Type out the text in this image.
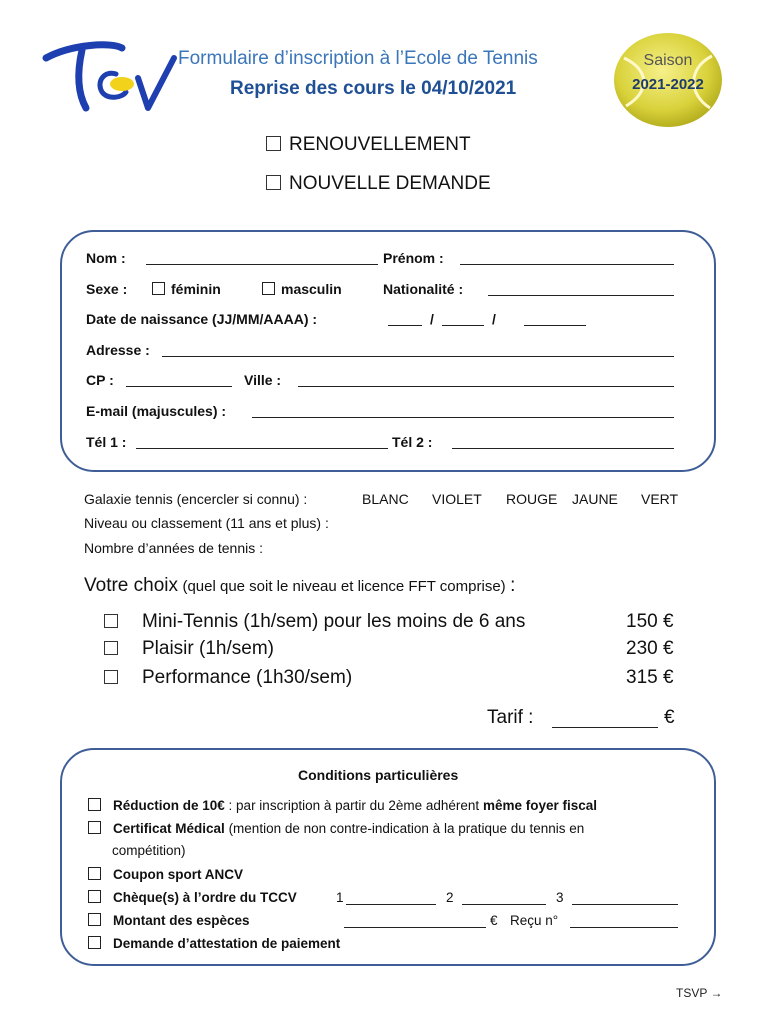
Formulaire d’inscription à l’Ecole de Tennis
Reprise des cours le 04/10/2021
Saison
2021-2022
RENOUVELLEMENT
NOUVELLE DEMANDE
Nom :	Prénom :
Sexe :	féminin	masculin	Nationalité :
Date de naissance (JJ/MM/AAAA) :	/	/
Adresse :
CP :	Ville :
E-mail (majuscules) :
Tél 1 :	Tél 2 :
Galaxie tennis (encercler si connu) :	BLANC VIOLET ROUGE JAUNE VERT
Niveau ou classement (11 ans et plus) :
Nombre d’années de tennis :
Votre choix (quel que soit le niveau et licence FFT comprise) :
Mini-Tennis (1h/sem) pour les moins de 6 ans	150 €
Plaisir (1h/sem)	230 €
Performance (1h30/sem)	315 €
Tarif :	€
Conditions particulières
Réduction de 10€ : par inscription à partir du 2ème adhérent même foyer fiscal
Certificat Médical (mention de non contre-indication à la pratique du tennis en
compétition)
Coupon sport ANCV
Chèque(s) à l’ordre du TCCV	1	2	3
Montant des espèces	€ Reçu n°
Demande d’attestation de paiement
TSVP →
